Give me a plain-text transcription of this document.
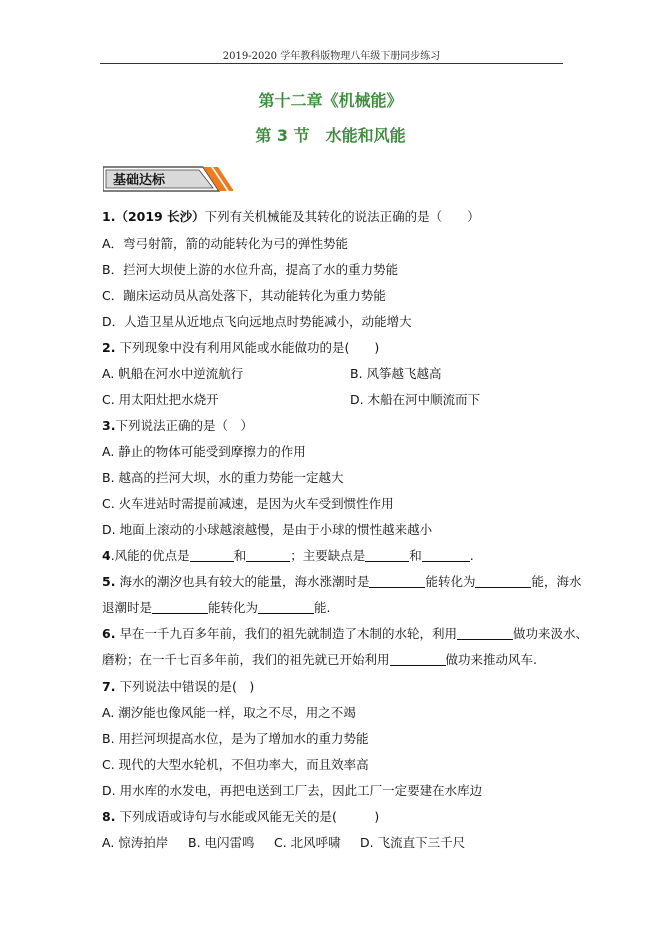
2019-2020 学年教科版物理八年级下册同步练习
第十二章《机械能》
第 3 节　水能和风能
基础达标
1.（2019 长沙）下列有关机械能及其转化的说法正确的是（　　）
A．弯弓射箭，箭的动能转化为弓的弹性势能
B．拦河大坝使上游的水位升高，提高了水的重力势能
C．蹦床运动员从高处落下，其动能转化为重力势能
D．人造卫星从近地点飞向远地点时势能减小，动能增大
2. 下列现象中没有利用风能或水能做功的是(　　)
A. 帆船在河水中逆流航行	B. 风筝越飞越高
C. 用太阳灶把水烧开	D. 木船在河中顺流而下
3.下列说法正确的是（　）
A. 静止的物体可能受到摩擦力的作用
B. 越高的拦河大坝，水的重力势能一定越大
C. 火车进站时需提前减速，是因为火车受到惯性作用
D. 地面上滚动的小球越滚越慢，是由于小球的惯性越来越小
4.风能的优点是	和	；主要缺点是	和	.
5. 海水的潮汐也具有较大的能量，海水涨潮时是	能转化为	能，海水
退潮时是	能转化为	能.
6. 早在一千九百多年前，我们的祖先就制造了木制的水轮，利用	做功来汲水、
磨粉；在一千七百多年前，我们的祖先就已开始利用	做功来推动风车.
7. 下列说法中错误的是(　)
A. 潮汐能也像风能一样，取之不尽，用之不竭
B. 用拦河坝提高水位，是为了增加水的重力势能
C. 现代的大型水轮机，不但功率大，而且效率高
D. 用水库的水发电，再把电送到工厂去，因此工厂一定要建在水库边
8. 下列成语或诗句与水能或风能无关的是(　　　)
A. 惊涛拍岸 B. 电闪雷鸣 C. 北风呼啸 D. 飞流直下三千尺
